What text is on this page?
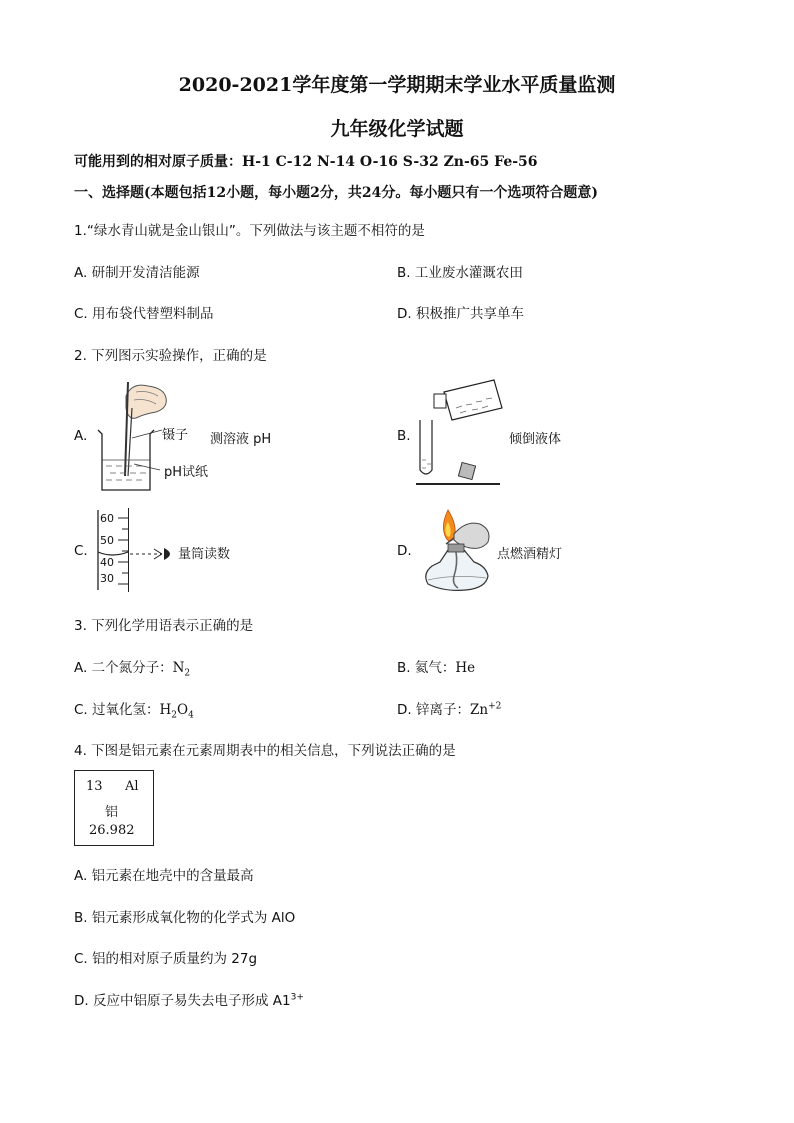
2020-2021学年度第一学期期末学业水平质量监测
九年级化学试题
可能用到的相对原子质量：H-1 C-12 N-14 O-16 S-32 Zn-65 Fe-56
一、选择题(本题包括12小题，每小题2分，共24分。每小题只有一个选项符合题意)
1.“绿水青山就是金山银山”。下列做法与该主题不相符的是
A. 研制开发清洁能源	B. 工业废水灌溉农田
C. 用布袋代替塑料制品	D. 积极推广共享单车
2. 下列图示实验操作，正确的是
A.	镊子 测溶液 pH
pH试纸
B.	倾倒液体
C.
60
50
40
30
量筒读数	D.	点燃酒精灯
3. 下列化学用语表示正确的是
A. 二个氮分子：$N_2$	B. 氦气：He
C. 过氧化氢：$H_2O_4$	D. 锌离子：$Zn^{+2}$
4. 下图是铝元素在元素周期表中的相关信息，下列说法正确的是
13 Al
铝
26.982
A. 铝元素在地壳中的含量最高
B. 铝元素形成氧化物的化学式为 AlO
C. 铝的相对原子质量约为 27g
D. 反应中铝原子易失去电子形成 $A1^{3+}$
